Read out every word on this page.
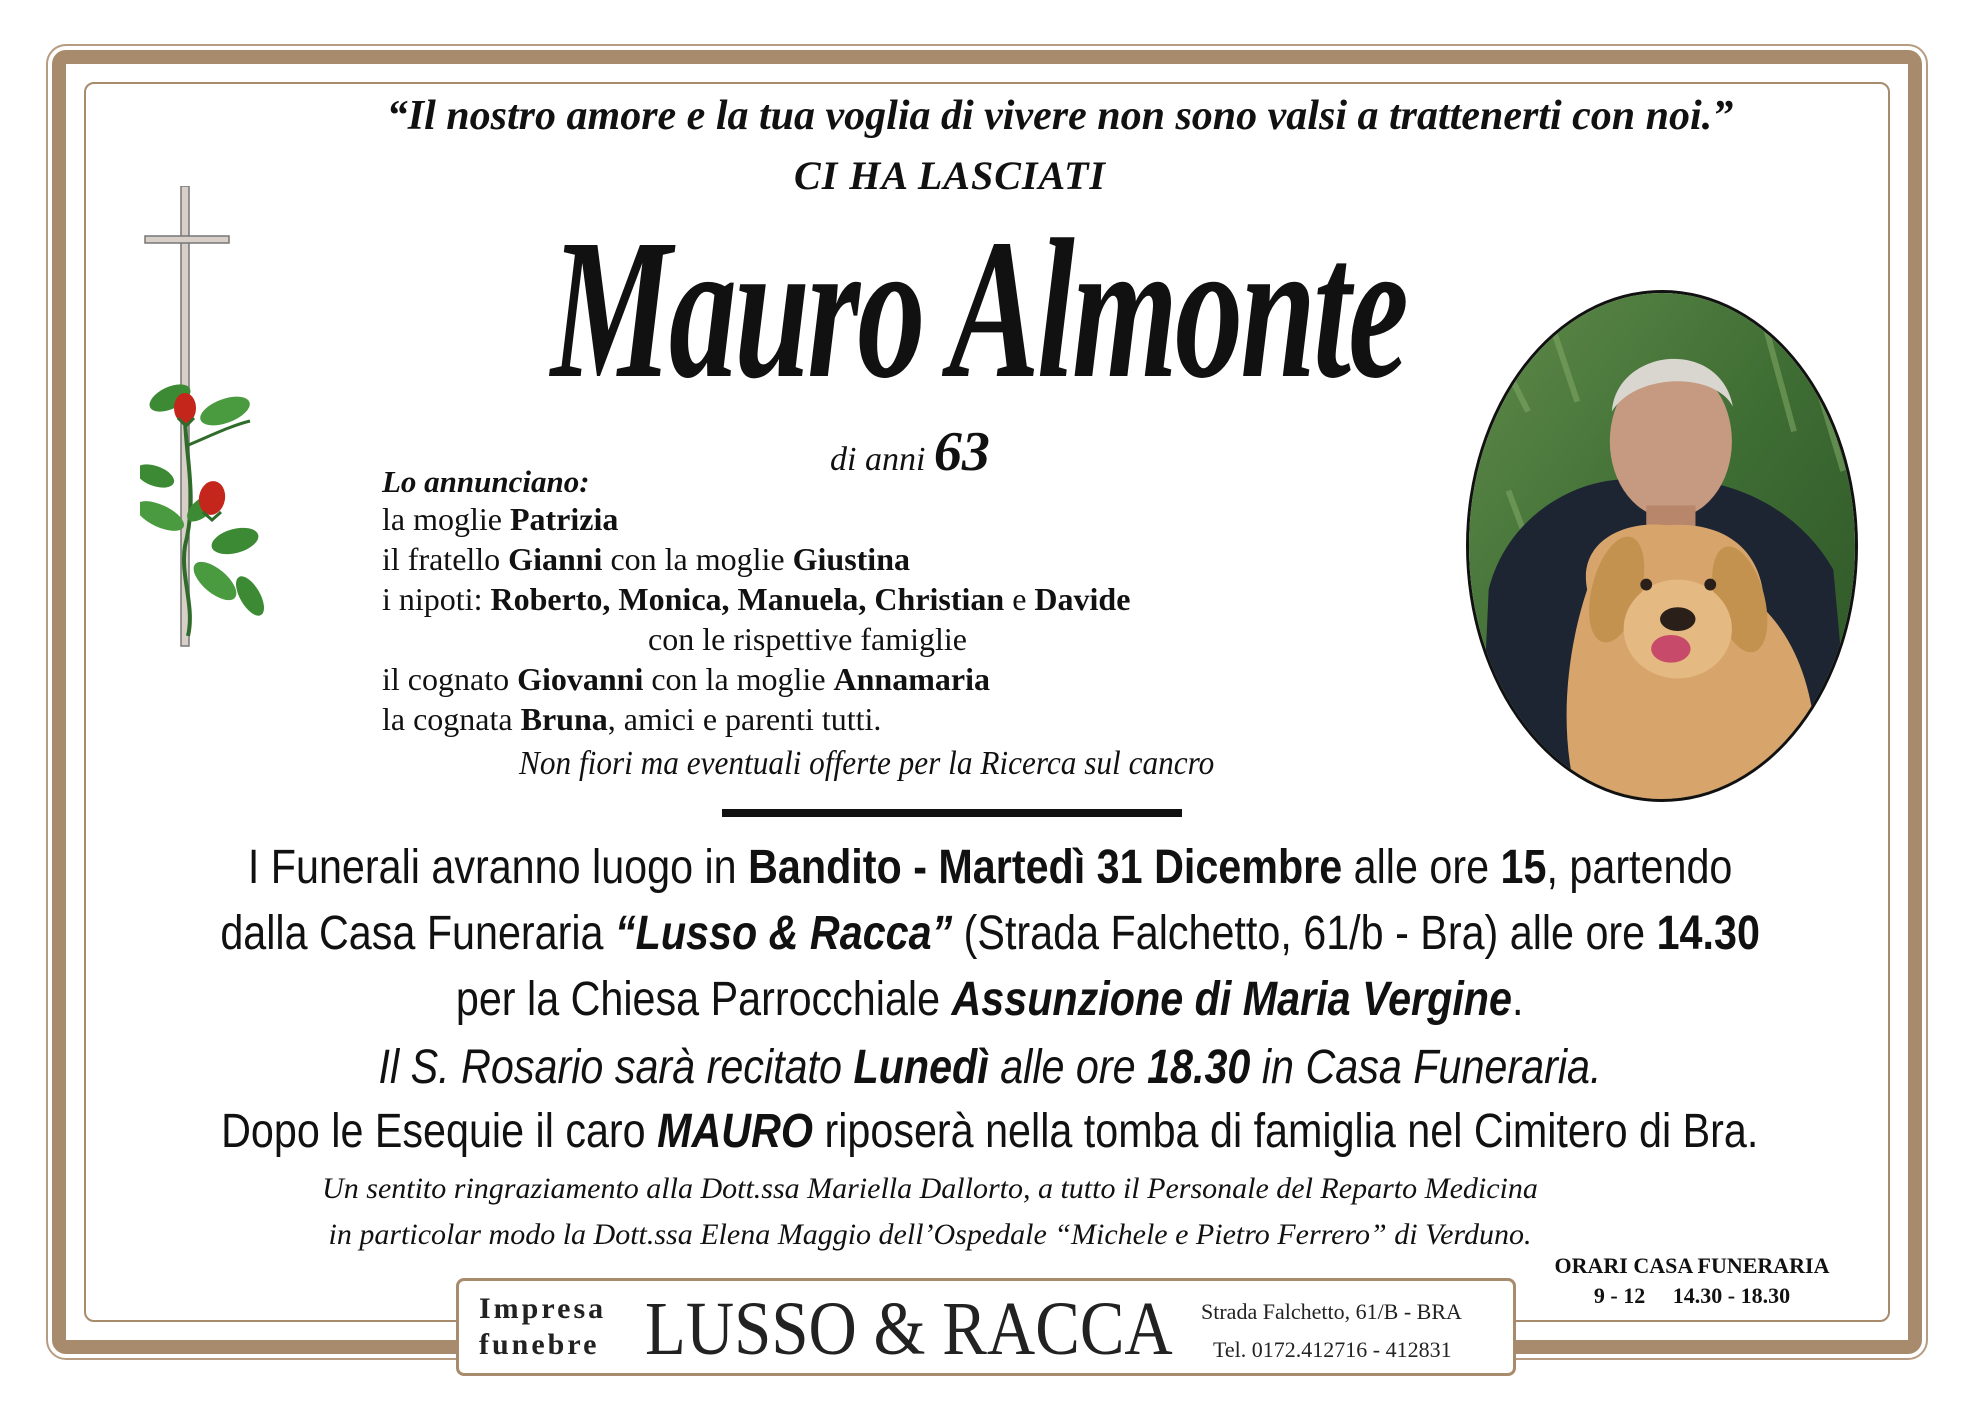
“Il nostro amore e la tua voglia di vivere non sono valsi a trattenerti con noi.”
CI HA LASCIATI
Mauro Almonte
di anni 63
Lo annunciano:
la moglie Patrizia
il fratello Gianni con la moglie Giustina
i nipoti: Roberto, Monica, Manuela, Christian e Davide
con le rispettive famiglie
il cognato Giovanni con la moglie Annamaria
la cognata Bruna, amici e parenti tutti.
Non fiori ma eventuali offerte per la Ricerca sul cancro
I Funerali avranno luogo in Bandito - Martedì 31 Dicembre alle ore 15, partendo
dalla Casa Funeraria “Lusso & Racca” (Strada Falchetto, 61/b - Bra) alle ore 14.30
per la Chiesa Parrocchiale Assunzione di Maria Vergine.
Il S. Rosario sarà recitato Lunedì alle ore 18.30 in Casa Funeraria.
Dopo le Esequie il caro MAURO riposerà nella tomba di famiglia nel Cimitero di Bra.
Un sentito ringraziamento alla Dott.ssa Mariella Dallorto, a tutto il Personale del Reparto Medicina
in particolar modo la Dott.ssa Elena Maggio dell’Ospedale “Michele e Pietro Ferrero” di Verduno.
ORARI CASA FUNERARIA
9 - 12     14.30 - 18.30
Impresa
funebre LUSSO & RACCA Strada Falchetto, 61/B - BRA
Tel. 0172.412716 - 412831
